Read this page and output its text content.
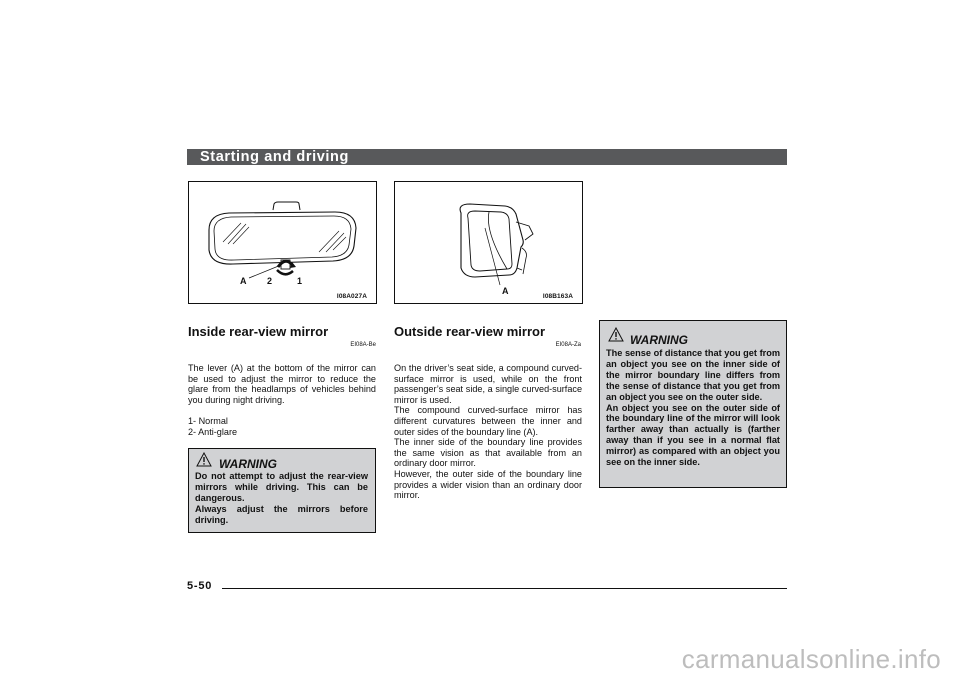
Starting and driving
A 2	1
I08A027A
A
I08B163A
Inside rear-view mirror
EI08A-Be

The lever (A) at the bottom of the mirror can be used to adjust the mirror to reduce the glare from the headlamps of vehicles behind you during night driving.

1- Normal
2- Anti-glare
WARNING

Do not attempt to adjust the rear-view mirrors while driving. This can be dangerous.

Always adjust the mirrors before driving.

Outside rear-view mirror
EI08A-Za

On the driver’s seat side, a compound curved-surface mirror is used, while on the front passenger’s seat side, a single curved-surface mirror is used.

The compound curved-surface mirror has different curvatures between the inner and outer sides of the boundary line (A).

The inner side of the boundary line provides the same vision as that available from an ordinary door mirror.

However, the outer side of the boundary line provides a wider vision than an ordinary door mirror.

WARNING

The sense of distance that you get from an object you see on the inner side of the mirror boundary line differs from the sense of distance that you get from an object you see on the outer side.

An object you see on the outer side of the boundary line of the mirror will look farther away than actually is (farther away than if you see in a normal flat mirror) as compared with an object you see on the inner side.

5-50
carmanualsonline.info
